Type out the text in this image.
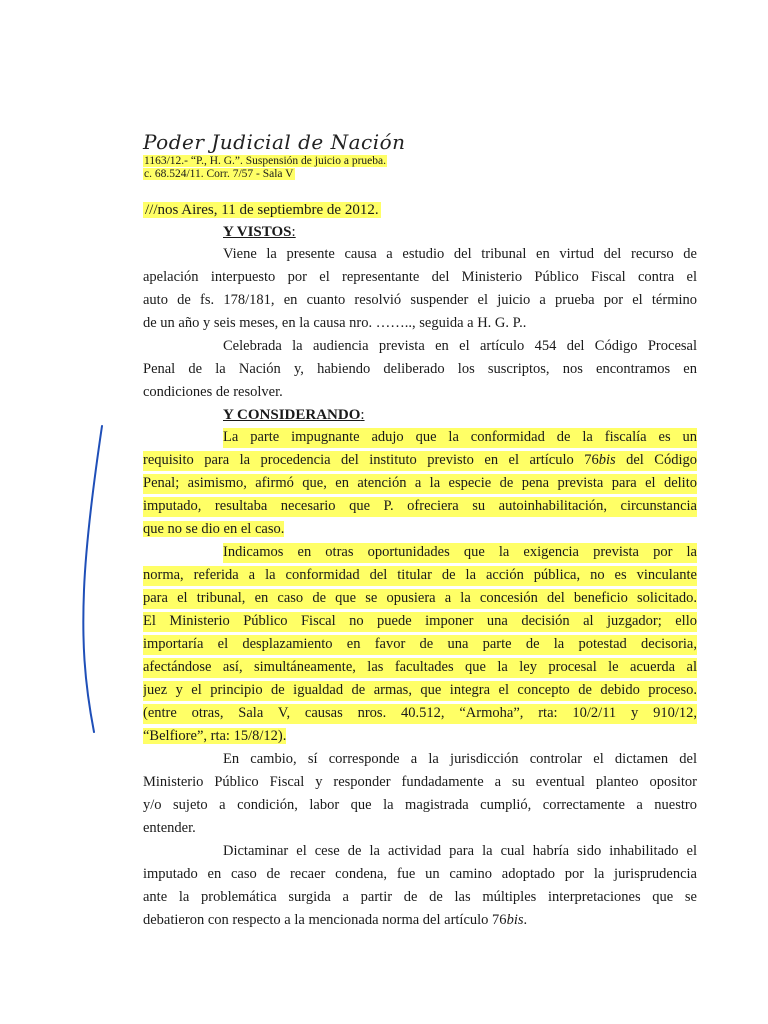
Poder Judicial de Nación
1163/12.- “P., H. G.”. Suspensión de juicio a prueba.
c. 68.524/11. Corr. 7/57 - Sala V
///nos Aires, 11 de septiembre de 2012.
Y VISTOS:
Viene la presente causa a estudio del tribunal en virtud del recurso de
apelación interpuesto por el representante del Ministerio Público Fiscal contra el
auto de fs. 178/181, en cuanto resolvió suspender el juicio a prueba por el término
de un año y seis meses, en la causa nro. …….., seguida a H. G. P..
Celebrada la audiencia prevista en el artículo 454 del Código Procesal
Penal de la Nación y, habiendo deliberado los suscriptos, nos encontramos en
condiciones de resolver.
Y CONSIDERANDO:
La parte impugnante adujo que la conformidad de la fiscalía es un
requisito para la procedencia del instituto previsto en el artículo 76bis del Código
Penal; asimismo, afirmó que, en atención a la especie de pena prevista para el delito
imputado, resultaba necesario que P. ofreciera su autoinhabilitación, circunstancia
que no se dio en el caso.
Indicamos en otras oportunidades que la exigencia prevista por la
norma, referida a la conformidad del titular de la acción pública, no es vinculante
para el tribunal, en caso de que se opusiera a la concesión del beneficio solicitado.
El Ministerio Público Fiscal no puede imponer una decisión al juzgador; ello
importaría el desplazamiento en favor de una parte de la potestad decisoria,
afectándose así, simultáneamente, las facultades que la ley procesal le acuerda al
juez y el principio de igualdad de armas, que integra el concepto de debido proceso.
(entre otras, Sala V, causas nros. 40.512, “Armoha”, rta: 10/2/11 y 910/12,
“Belfiore”, rta: 15/8/12).
En cambio, sí corresponde a la jurisdicción controlar el dictamen del
Ministerio Público Fiscal y responder fundadamente a su eventual planteo opositor
y/o sujeto a condición, labor que la magistrada cumplió, correctamente a nuestro
entender.
Dictaminar el cese de la actividad para la cual habría sido inhabilitado el
imputado en caso de recaer condena, fue un camino adoptado por la jurisprudencia
ante la problemática surgida a partir de de las múltiples interpretaciones que se
debatieron con respecto a la mencionada norma del artículo 76bis.
